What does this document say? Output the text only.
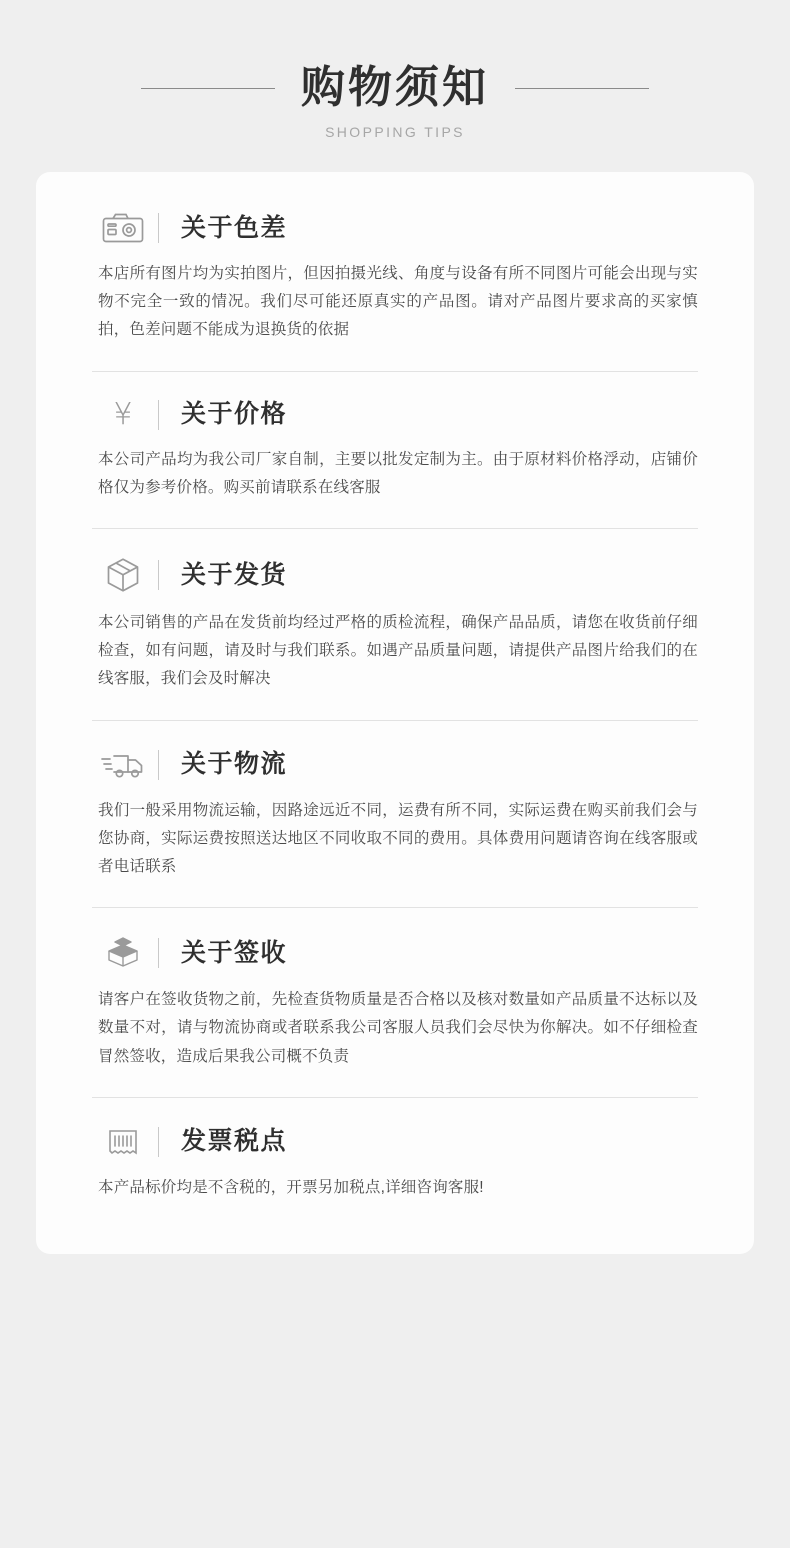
购物须知
SHOPPING TIPS
关于色差
本店所有图片均为实拍图片，但因拍摄光线、角度与设备有所不同图片可能会出现与实物不完全一致的情况。我们尽可能还原真实的产品图。请对产品图片要求高的买家慎拍，色差问题不能成为退换货的依据
¥ 关于价格
本公司产品均为我公司厂家自制，主要以批发定制为主。由于原材料价格浮动，店铺价格仅为参考价格。购买前请联系在线客服
关于发货
本公司销售的产品在发货前均经过严格的质检流程，确保产品品质，请您在收货前仔细检查，如有问题，请及时与我们联系。如遇产品质量问题，请提供产品图片给我们的在线客服，我们会及时解决
关于物流
我们一般采用物流运输，因路途远近不同，运费有所不同，实际运费在购买前我们会与您协商，实际运费按照送达地区不同收取不同的费用。具体费用问题请咨询在线客服或者电话联系
关于签收
请客户在签收货物之前，先检查货物质量是否合格以及核对数量如产品质量不达标以及数量不对，请与物流协商或者联系我公司客服人员我们会尽快为你解决。如不仔细检查冒然签收，造成后果我公司概不负责
发票税点
本产品标价均是不含税的，开票另加税点,详细咨询客服!
